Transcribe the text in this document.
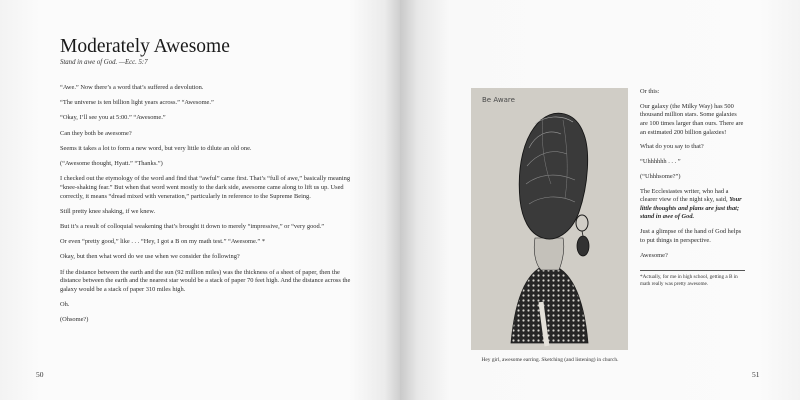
Moderately Awesome
Stand in awe of God. —Ecc. 5:7

“Awe.” Now there’s a word that’s suffered a devolution.

“The universe is ten billion light years across.” “Awesome.”

“Okay, I’ll see you at 5:00.” “Awesome.”

Can they both be awesome?

Seems it takes a lot to form a new word, but very little to dilute an old one.

(“Awesome thought, Hyatt.” “Thanks.”)

I checked out the etymology of the word and find that “awful” came first. That’s “full of awe,” basically meaning “knee-shaking fear.” But when that word went mostly to the dark side, awesome came along to lift us up. Used correctly, it means “dread mixed with veneration,” particularly in reference to the Supreme Being.

Still pretty knee shaking, if we knew.

But it’s a result of colloquial weakening that’s brought it down to merely “impressive,” or “very good.”

Or even “pretty good,” like . . . “Hey, I got a B on my math test.” “Awesome.” *

Okay, but then what word do we use when we consider the following?

If the distance between the earth and the sun (92 million miles) was the thickness of a sheet of paper, then the distance between the earth and the nearest star would be a stack of paper 70 feet high. And the distance across the galaxy would be a stack of paper 310 miles high.

Oh.

(Ohsome?)

50
Be Aware
Hey girl, awesome earring. Sketching (and listening) in church.

Or this:

Our galaxy (the Milky Way) has 500 thousand million stars. Some galaxies are 100 times larger than ours. There are an estimated 200 billion galaxies!

What do you say to that?

“Uhhhhhh . . . ”

(“Uhhhsome?”)

The Ecclesiastes writer, who had a clearer view of the night sky, said, Your little thoughts and plans are just that; stand in awe of God.

Just a glimpse of the hand of God helps to put things in perspective.

Awesome?

*Actually, for me in high school, getting a B in math really was pretty awesome.
51
